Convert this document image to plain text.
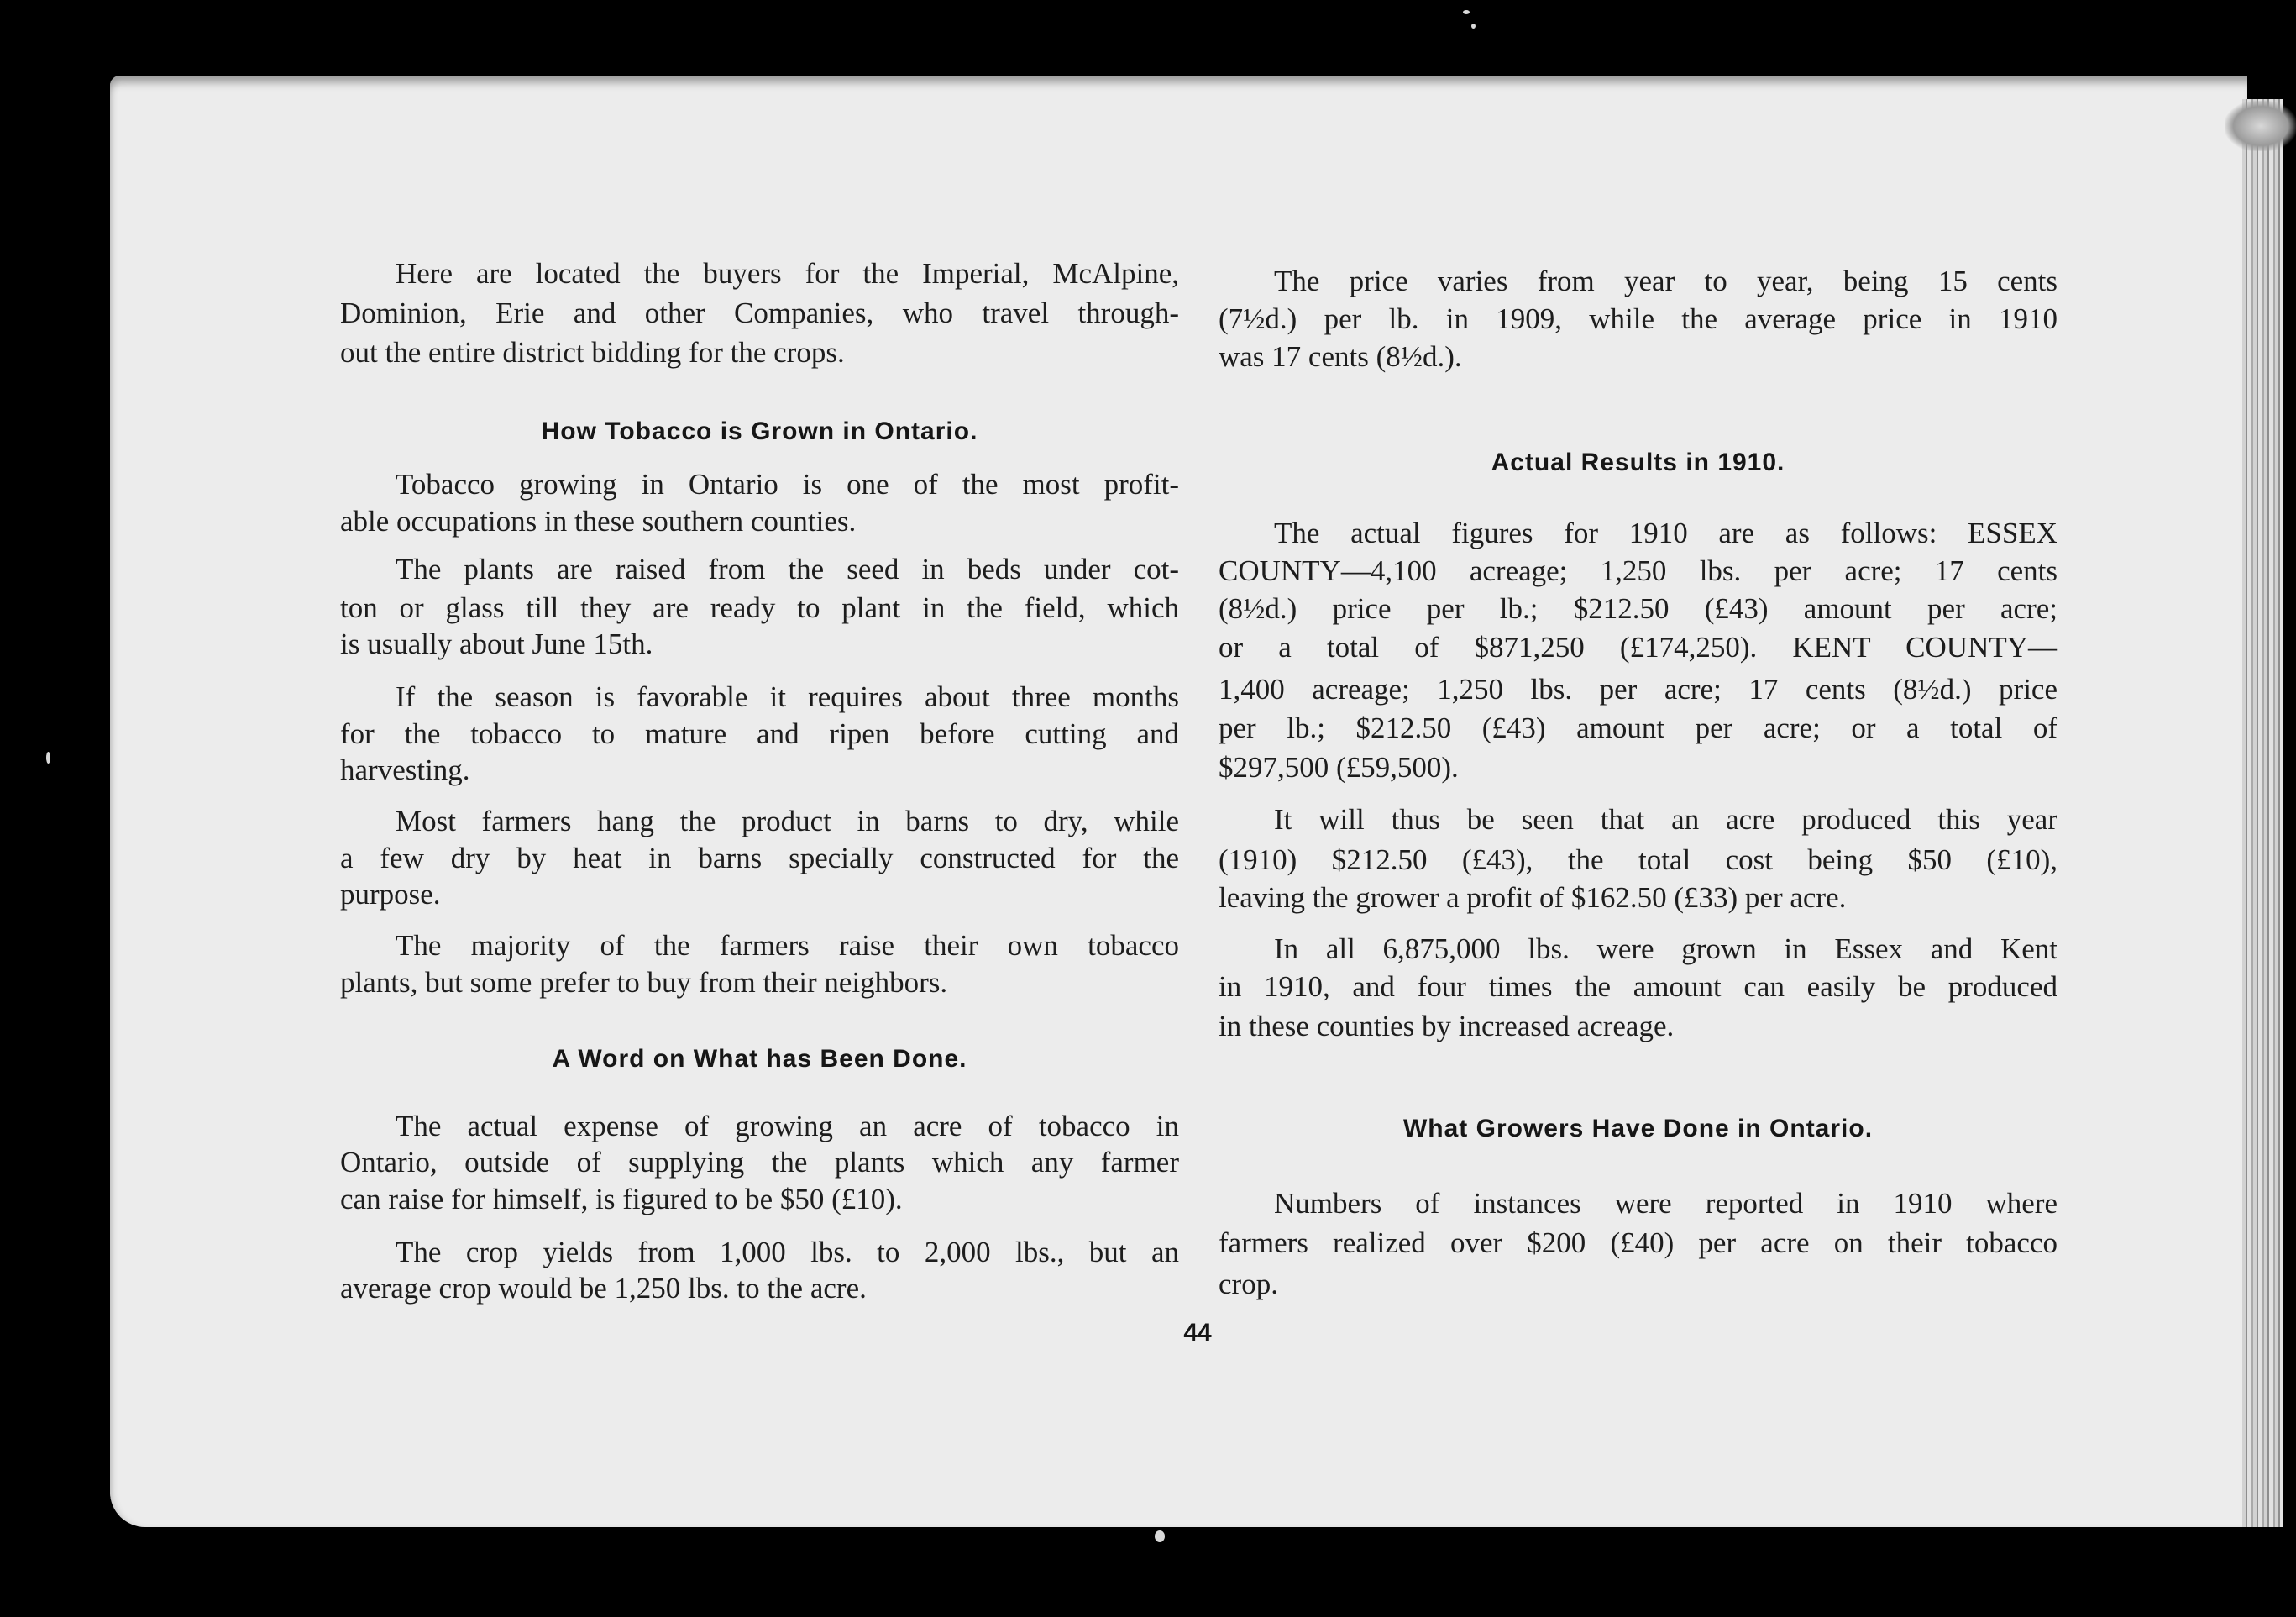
Here are located the buyers for the Imperial, McAlpine,
Dominion, Erie and other Companies, who travel through-
out the entire district bidding for the crops.
How Tobacco is Grown in Ontario.
Tobacco growing in Ontario is one of the most profit-
able occupations in these southern counties.
The plants are raised from the seed in beds under cot-
ton or glass till they are ready to plant in the field, which
is usually about June 15th.
If the season is favorable it requires about three months
for the tobacco to mature and ripen before cutting and
harvesting.
Most farmers hang the product in barns to dry, while
a few dry by heat in barns specially constructed for the
purpose.
The majority of the farmers raise their own tobacco
plants, but some prefer to buy from their neighbors.
A Word on What has Been Done.
The actual expense of growing an acre of tobacco in
Ontario, outside of supplying the plants which any farmer
can raise for himself, is figured to be $50 (£10).
The crop yields from 1,000 lbs. to 2,000 lbs., but an
average crop would be 1,250 lbs. to the acre.
The price varies from year to year, being 15 cents
(7½d.) per lb. in 1909, while the average price in 1910
was 17 cents (8½d.).
Actual Results in 1910.
The actual figures for 1910 are as follows: ESSEX
COUNTY—4,100 acreage; 1,250 lbs. per acre; 17 cents
(8½d.) price per lb.; $212.50 (£43) amount per acre;
or a total of $871,250 (£174,250). KENT COUNTY—
1,400 acreage; 1,250 lbs. per acre; 17 cents (8½d.) price
per lb.; $212.50 (£43) amount per acre; or a total of
$297,500 (£59,500).
It will thus be seen that an acre produced this year
(1910) $212.50 (£43), the total cost being $50 (£10),
leaving the grower a profit of $162.50 (£33) per acre.
In all 6,875,000 lbs. were grown in Essex and Kent
in 1910, and four times the amount can easily be produced
in these counties by increased acreage.
What Growers Have Done in Ontario.
Numbers of instances were reported in 1910 where
farmers realized over $200 (£40) per acre on their tobacco
crop.
44
